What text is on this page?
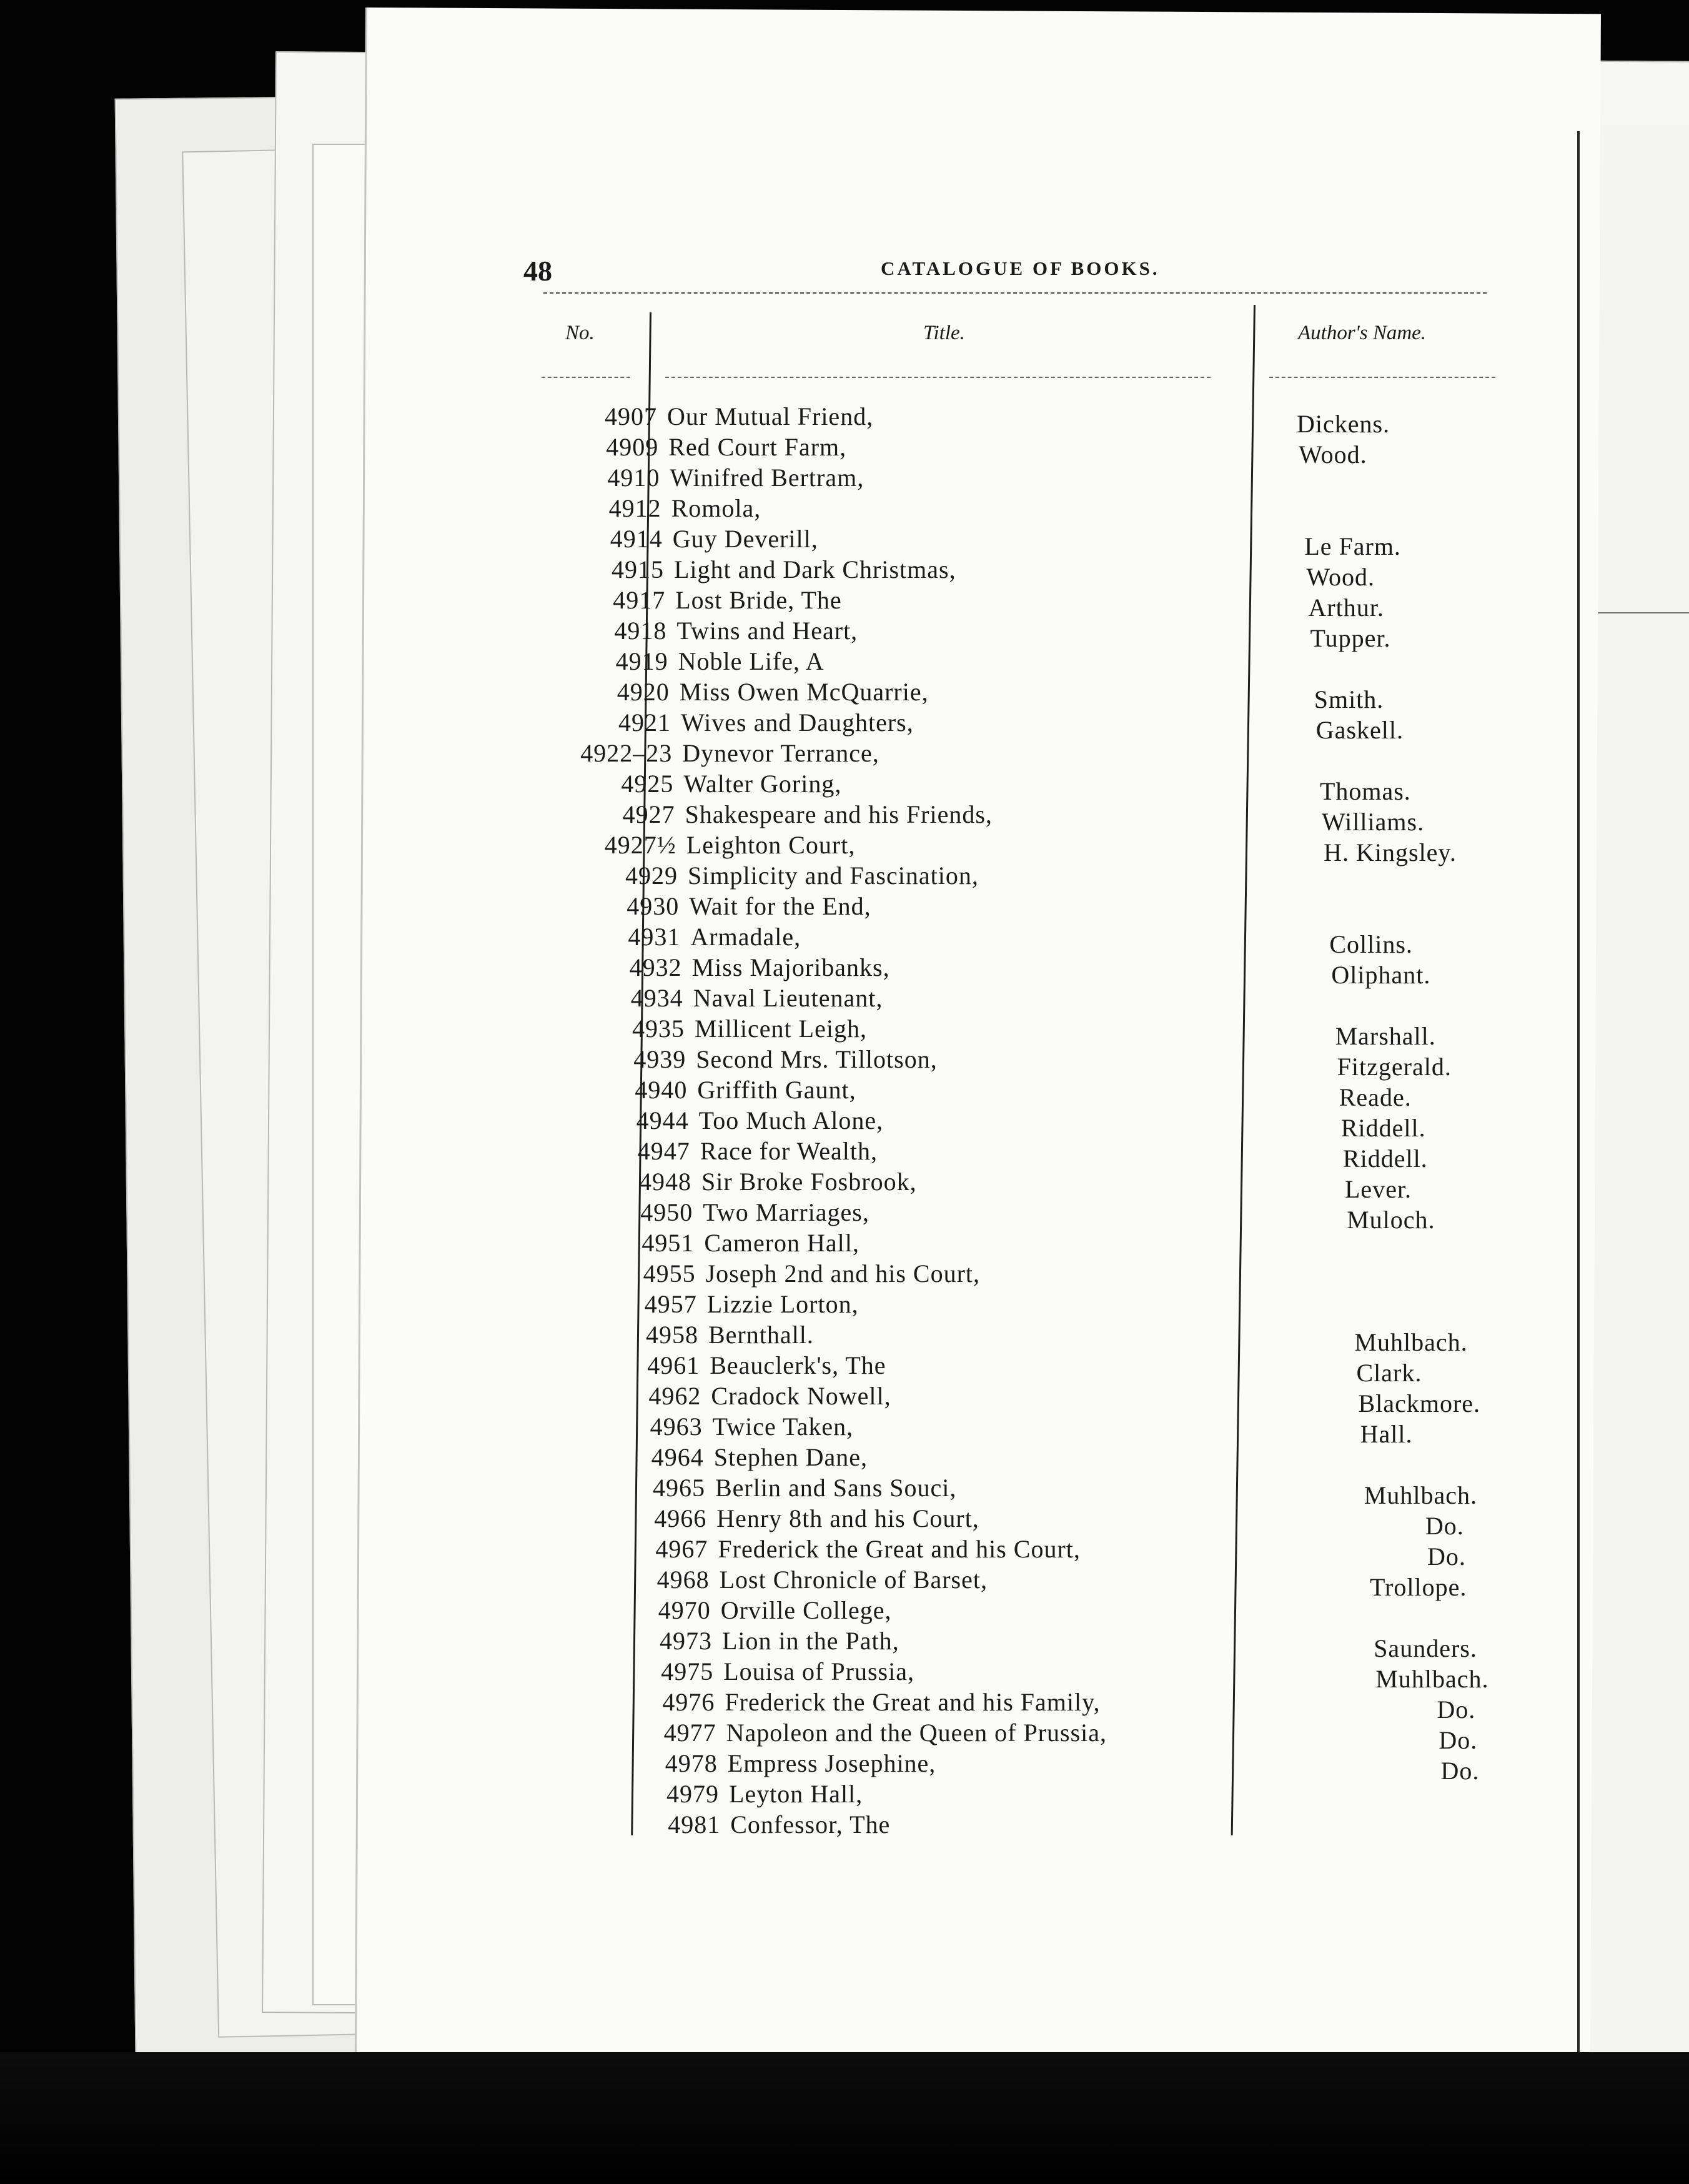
48	CATALOGUE OF BOOKS.
No.	Title.	Author's Name.
4907 Our Mutual Friend,	Dickens.
4909 Red Court Farm,	Wood.
4910 Winifred Bertram,
4912 Romola,
4914 Guy Deverill,	Le Farm.
4915 Light and Dark Christmas,	Wood.
4917 Lost Bride, The	Arthur.
4918 Twins and Heart,	Tupper.
4919 Noble Life, A
4920 Miss Owen McQuarrie,	Smith.
4921 Wives and Daughters,	Gaskell.
4922–23 Dynevor Terrance,
4925 Walter Goring,	Thomas.
4927 Shakespeare and his Friends,	Williams.
4927½ Leighton Court,	H. Kingsley.
4929 Simplicity and Fascination,
4930 Wait for the End,
4931 Armadale,	Collins.
4932 Miss Majoribanks,	Oliphant.
4934 Naval Lieutenant,
4935 Millicent Leigh,	Marshall.
4939 Second Mrs. Tillotson,	Fitzgerald.
4940 Griffith Gaunt,	Reade.
4944 Too Much Alone,	Riddell.
4947 Race for Wealth,	Riddell.
4948 Sir Broke Fosbrook,	Lever.
4950 Two Marriages,	Muloch.
4951 Cameron Hall,
4955 Joseph 2nd and his Court,
4957 Lizzie Lorton,
4958 Bernthall.	Muhlbach.
4961 Beauclerk's, The	Clark.
4962 Cradock Nowell,	Blackmore.
4963 Twice Taken,	Hall.
4964 Stephen Dane,
4965 Berlin and Sans Souci,	Muhlbach.
4966 Henry 8th and his Court,	Do.
4967 Frederick the Great and his Court,	Do.
4968 Lost Chronicle of Barset,	Trollope.
4970 Orville College,
4973 Lion in the Path,	Saunders.
4975 Louisa of Prussia,	Muhlbach.
4976 Frederick the Great and his Family,	Do.
4977 Napoleon and the Queen of Prussia,	Do.
4978 Empress Josephine,	Do.
4979 Leyton Hall,
4981 Confessor, The
